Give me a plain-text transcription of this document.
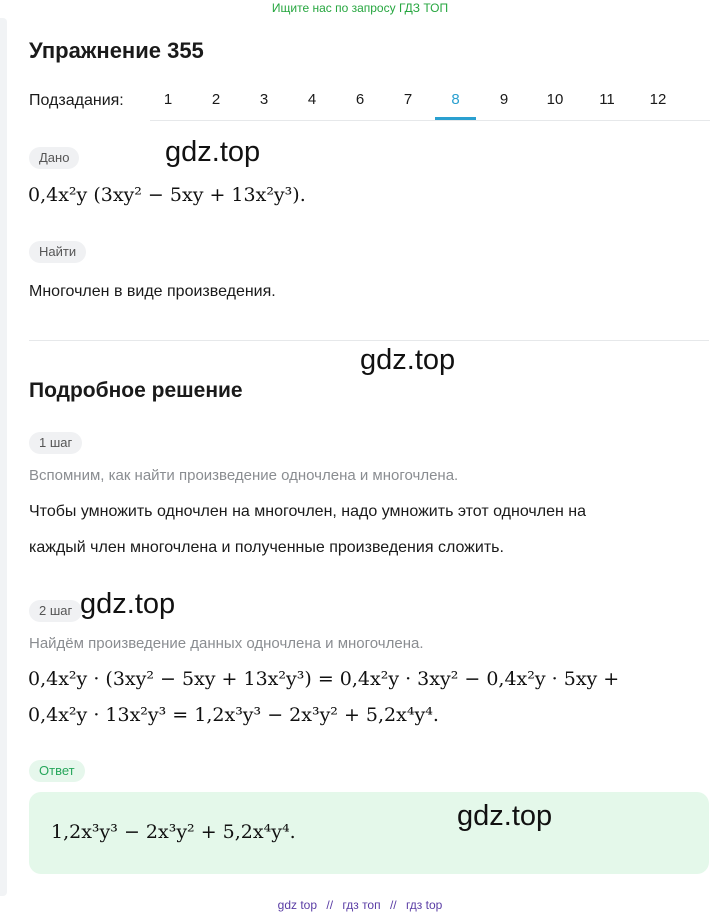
Ищите нас по запросу ГДЗ ТОП
Упражнение 355
Подзадания:	1	2	3	4	6	7	8	9	10	11	12
Дано
0,4x²y (3xy² − 5xy + 13x²y³).
Найти
Многочлен в виде произведения.
Подробное решение
1 шаг
Вспомним, как найти произведение одночлена и многочлена.
Чтобы умножить одночлен на многочлен, надо умножить этот одночлен на
каждый член многочлена и полученные произведения сложить.
2 шаг
Найдём произведение данных одночлена и многочлена.
0,4x²y · (3xy² − 5xy + 13x²y³) = 0,4x²y · 3xy² − 0,4x²y · 5xy +
0,4x²y · 13x²y³ = 1,2x³y³ − 2x³y² + 5,2x⁴y⁴.
Ответ
1,2x³y³ − 2x³y² + 5,2x⁴y⁴.
gdz.top
gdz.top
gdz.top
gdz.top
gdz top // гдз топ // гдз top
